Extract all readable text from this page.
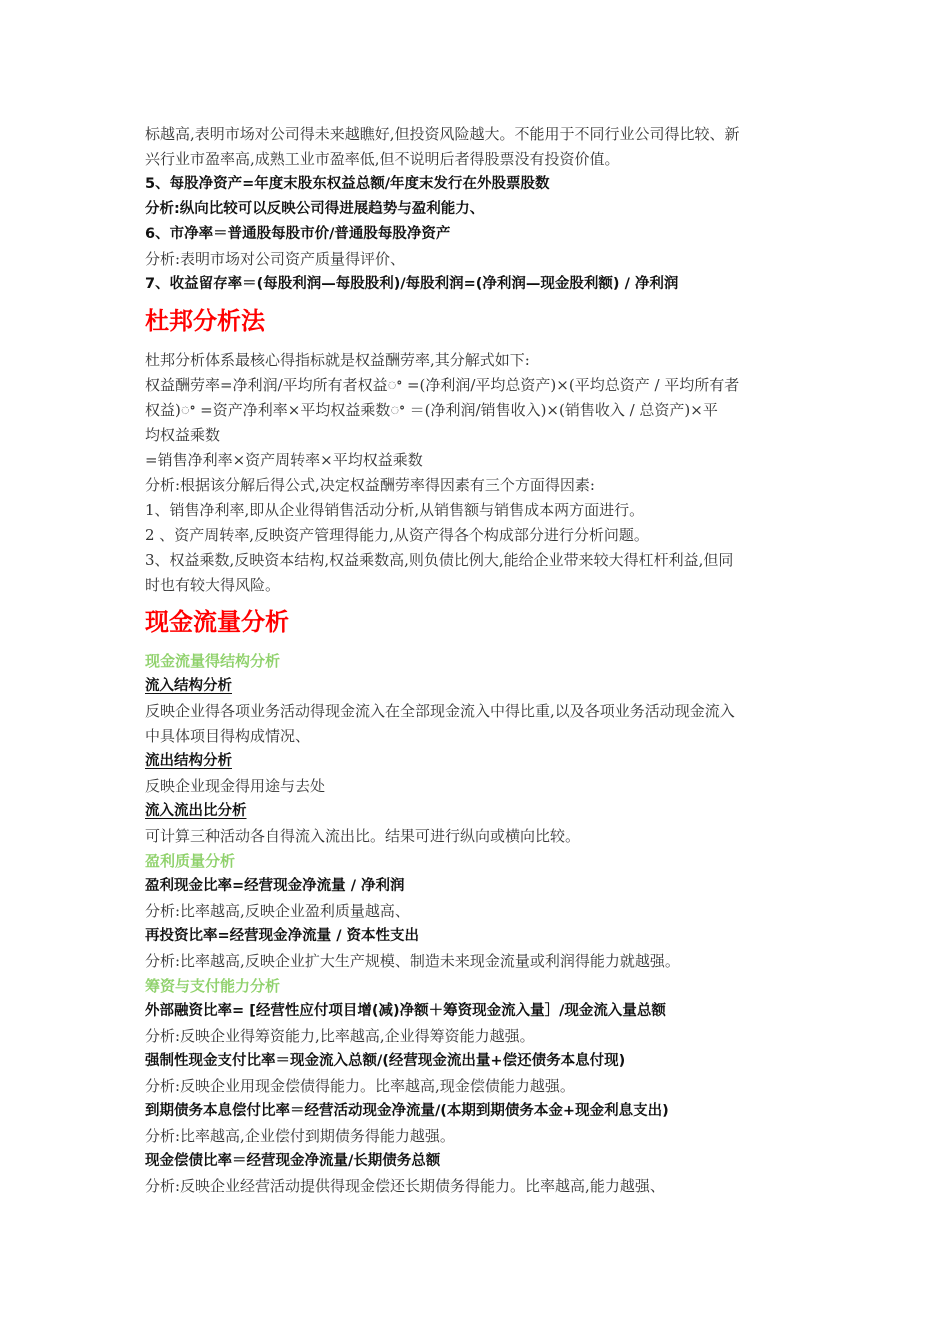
标越高,表明市场对公司得未来越瞧好,但投资风险越大。不能用于不同行业公司得比较、新
兴行业市盈率高,成熟工业市盈率低,但不说明后者得股票没有投资价值。
5、每股净资产=年度末股东权益总额/年度末发行在外股票股数
分析:纵向比较可以反映公司得进展趋势与盈利能力、
6、市净率＝普通股每股市价/普通股每股净资产
分析:表明市场对公司资产质量得评价、
7、收益留存率＝(每股利润—每股股利)/每股利润=(净利润—现金股利额) / 净利润
杜邦分析法
杜邦分析体系最核心得指标就是权益酬劳率,其分解式如下:
权益酬劳率=净利润/平均所有者权益ꢀ =(净利润/平均总资产)×(平均总资产 / 平均所有者
权益)ꢀ =资产净利率×平均权益乘数ꢀ ＝(净利润/销售收入)×(销售收入 / 总资产)×平
均权益乘数
=销售净利率×资产周转率×平均权益乘数
分析:根据该分解后得公式,决定权益酬劳率得因素有三个方面得因素:
1、销售净利率,即从企业得销售活动分析,从销售额与销售成本两方面进行。
2 、资产周转率,反映资产管理得能力,从资产得各个构成部分进行分析问题。
3、权益乘数,反映资本结构,权益乘数高,则负债比例大,能给企业带来较大得杠杆利益,但同
时也有较大得风险。
现金流量分析
现金流量得结构分析
流入结构分析
反映企业得各项业务活动得现金流入在全部现金流入中得比重,以及各项业务活动现金流入
中具体项目得构成情况、
流出结构分析
反映企业现金得用途与去处
流入流出比分析
可计算三种活动各自得流入流出比。结果可进行纵向或横向比较。
盈利质量分析
盈利现金比率=经营现金净流量 / 净利润
分析:比率越高,反映企业盈利质量越高、
再投资比率=经营现金净流量 / 资本性支出
分析:比率越高,反映企业扩大生产规模、制造未来现金流量或利润得能力就越强。
筹资与支付能力分析
外部融资比率= [经营性应付项目增(减)净额＋筹资现金流入量］/现金流入量总额
分析:反映企业得筹资能力,比率越高,企业得筹资能力越强。
强制性现金支付比率＝现金流入总额/(经营现金流出量+偿还债务本息付现)
分析:反映企业用现金偿债得能力。比率越高,现金偿债能力越强。
到期债务本息偿付比率＝经营活动现金净流量/(本期到期债务本金+现金利息支出)
分析:比率越高,企业偿付到期债务得能力越强。
现金偿债比率＝经营现金净流量/长期债务总额
分析:反映企业经营活动提供得现金偿还长期债务得能力。比率越高,能力越强、
